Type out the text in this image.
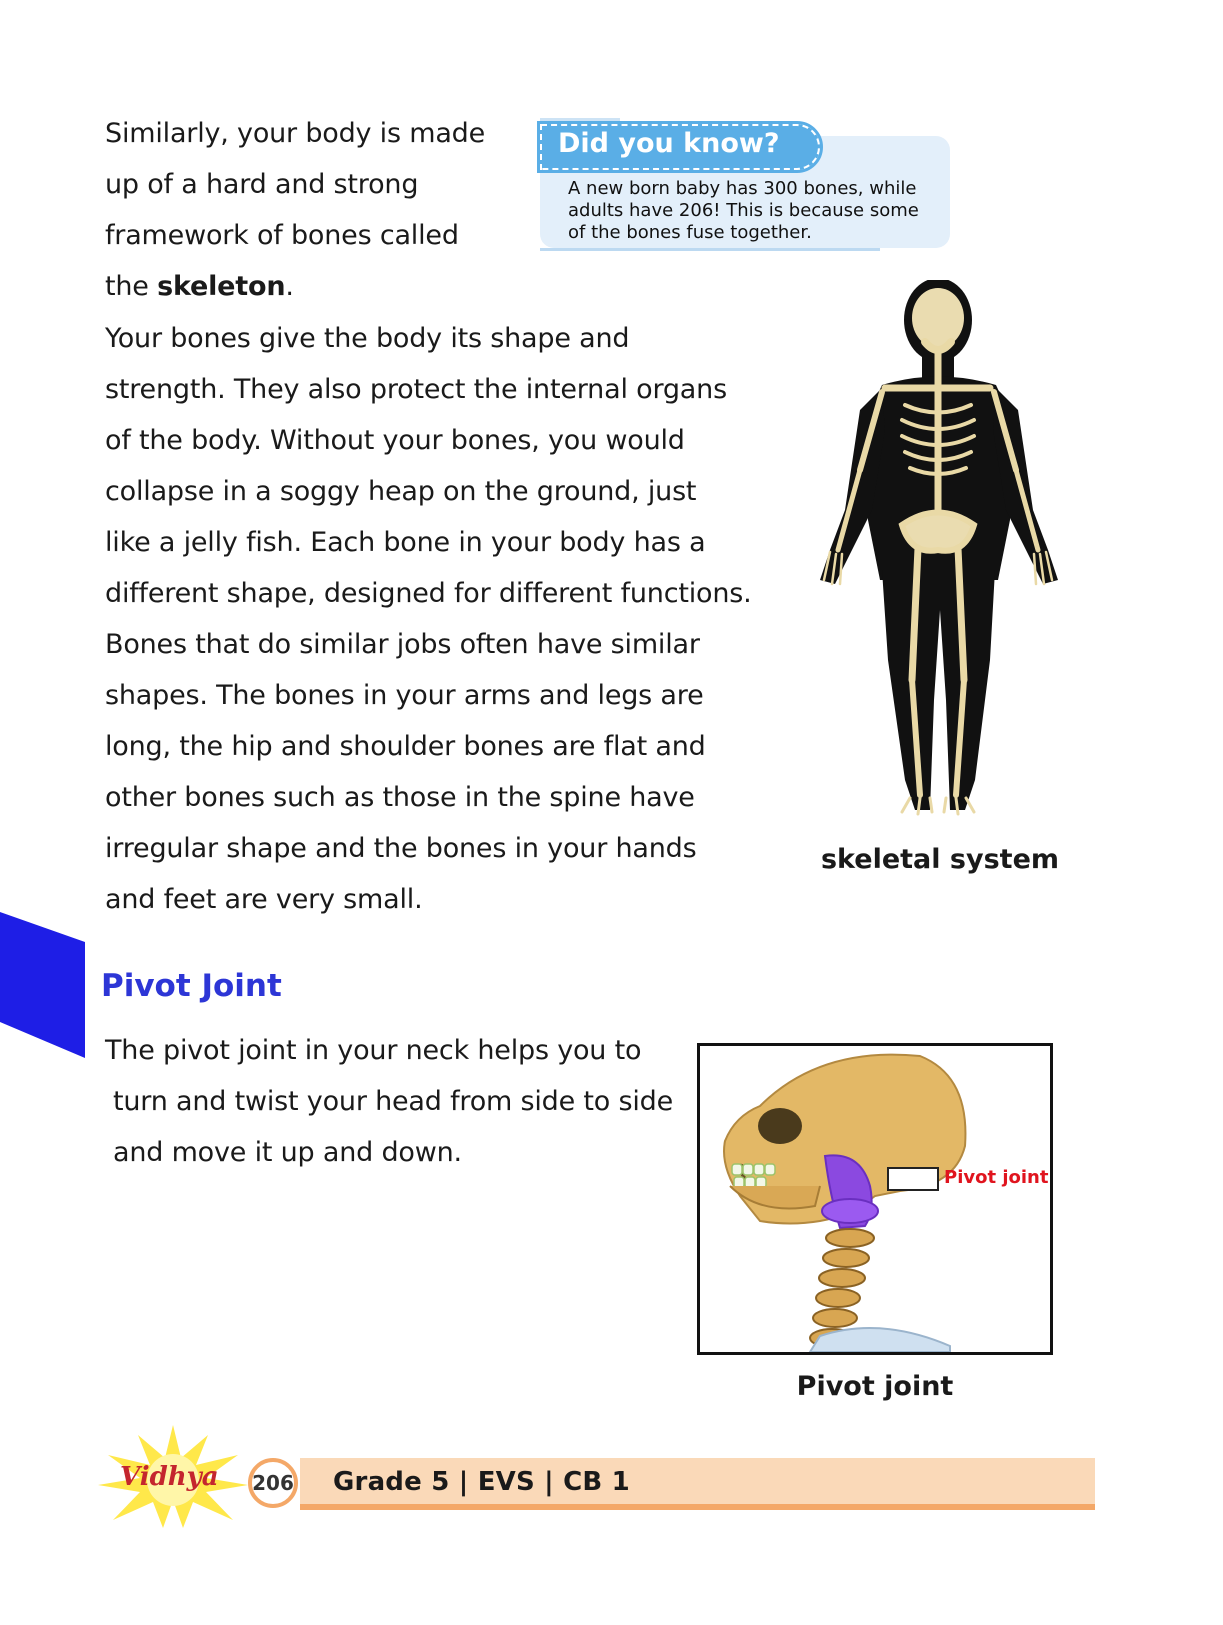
Similarly, your body is made
up of a hard and strong
framework of bones called
the skeleton.
Did you know?
A new born baby has 300 bones, while adults have 206! This is because some of the bones fuse together.
Your bones give the body its shape and
strength. They also protect the internal organs
of the body. Without your bones, you would
collapse in a soggy heap on the ground, just
like a jelly fish. Each bone in your body has a
different shape, designed for different functions.
Bones that do similar jobs often have similar
shapes. The bones in your arms and legs are
long, the hip and shoulder bones are flat and
other bones such as those in the spine have
irregular shape and the bones in your hands
and feet are very small.
skeletal system
Pivot Joint
The pivot joint in your neck helps you to
turn and twist your head from side to side
and move it up and down.
Pivot joint
Pivot joint
Grade 5 | EVS | CB 1
206
Vidhya
